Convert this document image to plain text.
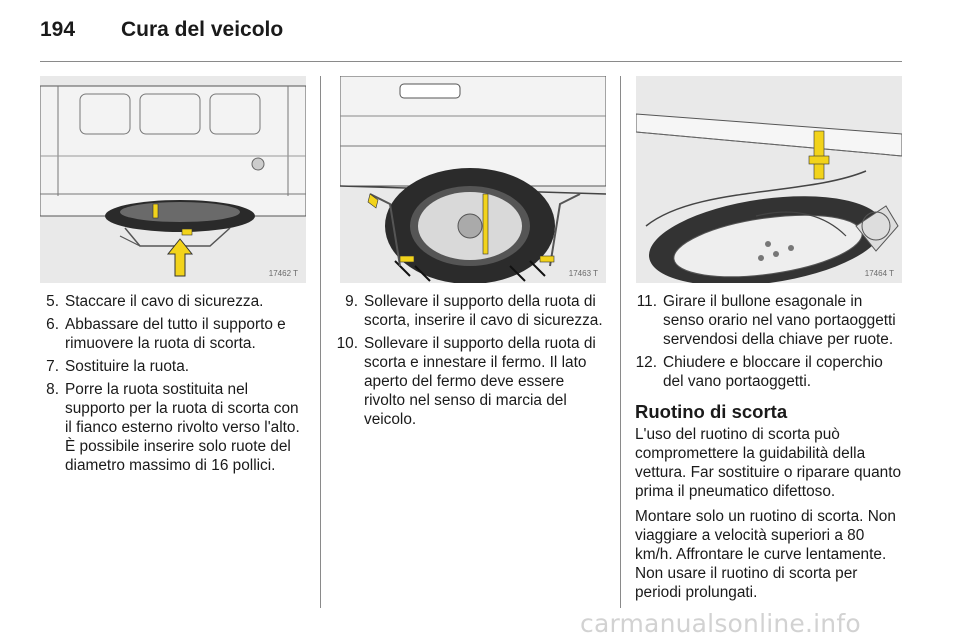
194 Cura del veicolo
17462 T	17463 T	17464 T
5. Staccare il cavo di sicurezza.
6. Abbassare del tutto il supporto e rimuovere la ruota di scorta.
7. Sostituire la ruota.
8. Porre la ruota sostituita nel supporto per la ruota di scorta con il fianco esterno rivolto verso l'alto. È possibile inserire solo ruote del diametro massimo di 16 pollici.
9. Sollevare il supporto della ruota di scorta, inserire il cavo di sicurezza.
10. Sollevare il supporto della ruota di scorta e innestare il fermo. Il lato aperto del fermo deve essere rivolto nel senso di marcia del veicolo.
11. Girare il bullone esagonale in senso orario nel vano portaoggetti servendosi della chiave per ruote.
12. Chiudere e bloccare il coperchio del vano portaoggetti.
Ruotino di scorta
L'uso del ruotino di scorta può compromettere la guidabilità della vettura. Far sostituire o riparare quanto prima il pneumatico difettoso.
Montare solo un ruotino di scorta. Non viaggiare a velocità superiori a 80 km/h. Affrontare le curve lentamente. Non usare il ruotino di scorta per periodi prolungati.
carmanualsonline.info
